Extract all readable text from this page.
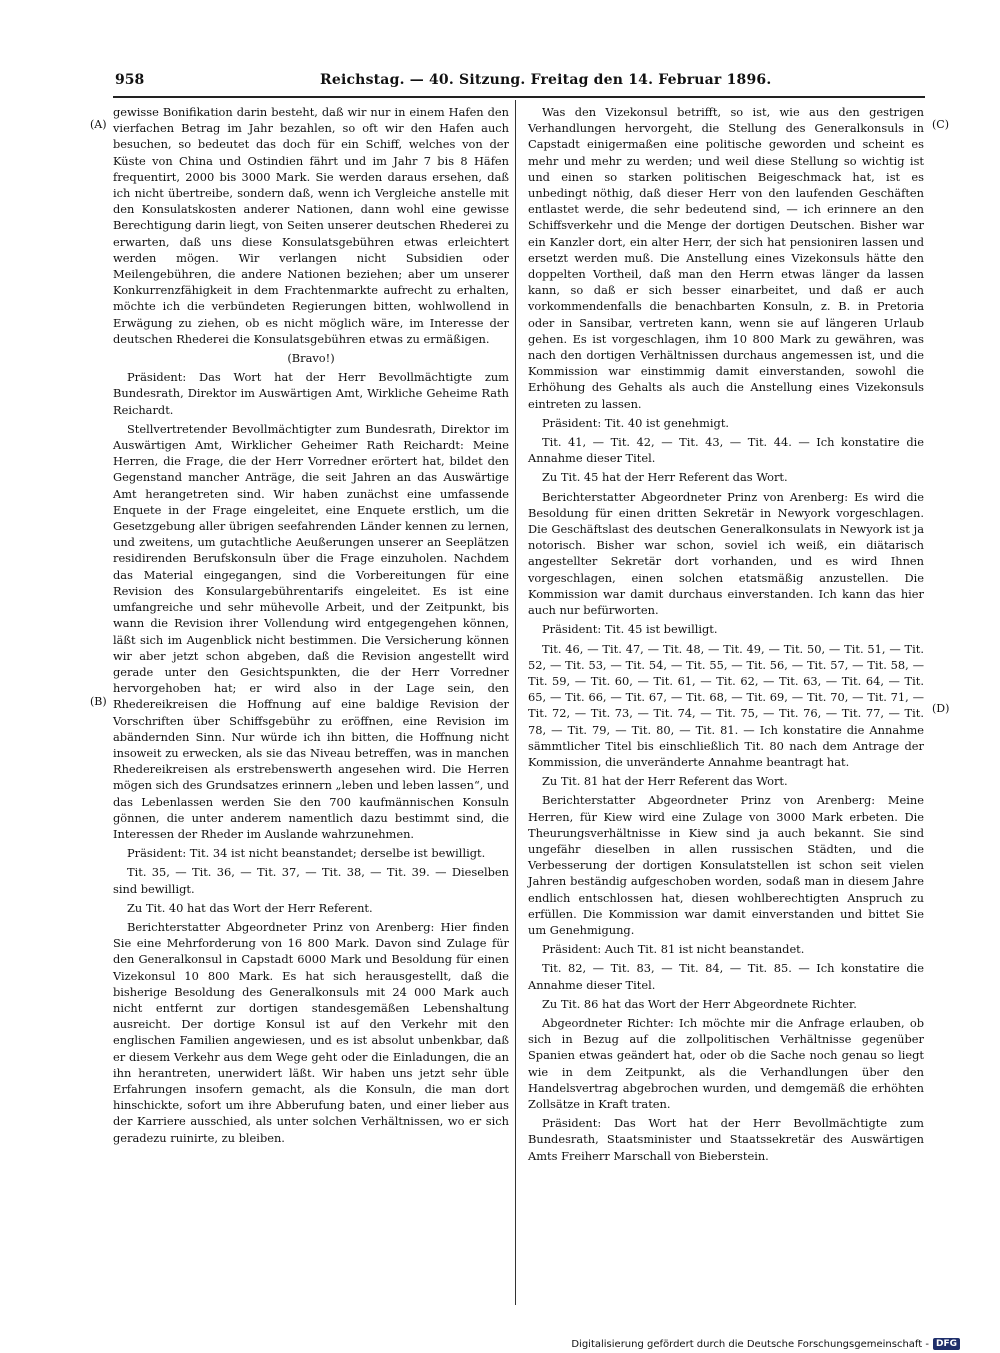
958	Reichstag. — 40. Sitzung. Freitag den 14. Februar 1896.
(A)
(B)
(C)
(D)

gewisse Bonifikation darin besteht, daß wir nur in einem Hafen den vierfachen Betrag im Jahr bezahlen, so oft wir den Hafen auch besuchen, so bedeutet das doch für ein Schiff, welches von der Küste von China und Ostindien fährt und im Jahr 7 bis 8 Häfen frequentirt, 2000 bis 3000 Mark. Sie werden daraus ersehen, daß ich nicht übertreibe, sondern daß, wenn ich Vergleiche anstelle mit den Konsulatskosten anderer Nationen, dann wohl eine gewisse Berechtigung darin liegt, von Seiten unserer deutschen Rhederei zu erwarten, daß uns diese Konsulatsgebühren etwas erleichtert werden mögen. Wir verlangen nicht Subsidien oder Meilengebühren, die andere Nationen beziehen; aber um unserer Konkurrenzfähigkeit in dem Frachtenmarkte aufrecht zu erhalten, möchte ich die verbündeten Regierungen bitten, wohlwollend in Erwägung zu ziehen, ob es nicht möglich wäre, im Interesse der deutschen Rhederei die Konsulatsgebühren etwas zu ermäßigen.

(Bravo!)

Präsident: Das Wort hat der Herr Bevollmächtigte zum Bundesrath, Direktor im Auswärtigen Amt, Wirkliche Geheime Rath Reichardt.

Stellvertretender Bevollmächtigter zum Bundesrath, Direktor im Auswärtigen Amt, Wirklicher Geheimer Rath Reichardt: Meine Herren, die Frage, die der Herr Vorredner erörtert hat, bildet den Gegenstand mancher Anträge, die seit Jahren an das Auswärtige Amt herangetreten sind. Wir haben zunächst eine umfassende Enquete in der Frage eingeleitet, eine Enquete erstlich, um die Gesetzgebung aller übrigen seefahrenden Länder kennen zu lernen, und zweitens, um gutachtliche Aeußerungen unserer an Seeplätzen residirenden Berufskonsuln über die Frage einzuholen. Nachdem das Material eingegangen, sind die Vorbereitungen für eine Revision des Konsulargebührentarifs eingeleitet. Es ist eine umfangreiche und sehr mühevolle Arbeit, und der Zeitpunkt, bis wann die Revision ihrer Vollendung wird entgegengehen können, läßt sich im Augenblick nicht bestimmen. Die Versicherung können wir aber jetzt schon abgeben, daß die Revision angestellt wird gerade unter den Gesichtspunkten, die der Herr Vorredner hervorgehoben hat; er wird also in der Lage sein, den Rhedereikreisen die Hoffnung auf eine baldige Revision der Vorschriften über Schiffsgebühr zu eröffnen, eine Revision im abändernden Sinn. Nur würde ich ihn bitten, die Hoffnung nicht insoweit zu erwecken, als sie das Niveau betreffen, was in manchen Rhedereikreisen als erstrebenswerth angesehen wird. Die Herren mögen sich des Grundsatzes erinnern „leben und leben lassen“, und das Lebenlassen werden Sie den 700 kaufmännischen Konsuln gönnen, die unter anderem namentlich dazu bestimmt sind, die Interessen der Rheder im Auslande wahrzunehmen.

Präsident: Tit. 34 ist nicht beanstandet; derselbe ist bewilligt.

Tit. 35, — Tit. 36, — Tit. 37, — Tit. 38, — Tit. 39. — Dieselben sind bewilligt.

Zu Tit. 40 hat das Wort der Herr Referent.

Berichterstatter Abgeordneter Prinz von Arenberg: Hier finden Sie eine Mehrforderung von 16 800 Mark. Davon sind Zulage für den Generalkonsul in Capstadt 6000 Mark und Besoldung für einen Vizekonsul 10 800 Mark. Es hat sich herausgestellt, daß die bisherige Besoldung des Generalkonsuls mit 24 000 Mark auch nicht entfernt zur dortigen standesgemäßen Lebenshaltung ausreicht. Der dortige Konsul ist auf den Verkehr mit den englischen Familien angewiesen, und es ist absolut unbenkbar, daß er diesem Verkehr aus dem Wege geht oder die Einladungen, die an ihn herantreten, unerwidert läßt. Wir haben uns jetzt sehr üble Erfahrungen insofern gemacht, als die Konsuln, die man dort hinschickte, sofort um ihre Abberufung baten, und einer lieber aus der Karriere ausschied, als unter solchen Verhältnissen, wo er sich geradezu ruinirte, zu bleiben.

Was den Vizekonsul betrifft, so ist, wie aus den gestrigen Verhandlungen hervorgeht, die Stellung des Generalkonsuls in Capstadt einigermaßen eine politische geworden und scheint es mehr und mehr zu werden; und weil diese Stellung so wichtig ist und einen so starken politischen Beigeschmack hat, ist es unbedingt nöthig, daß dieser Herr von den laufenden Geschäften entlastet werde, die sehr bedeutend sind, — ich erinnere an den Schiffsverkehr und die Menge der dortigen Deutschen. Bisher war ein Kanzler dort, ein alter Herr, der sich hat pensioniren lassen und ersetzt werden muß. Die Anstellung eines Vizekonsuls hätte den doppelten Vortheil, daß man den Herrn etwas länger da lassen kann, so daß er sich besser einarbeitet, und daß er auch vorkommendenfalls die benachbarten Konsuln, z. B. in Pretoria oder in Sansibar, vertreten kann, wenn sie auf längeren Urlaub gehen. Es ist vorgeschlagen, ihm 10 800 Mark zu gewähren, was nach den dortigen Verhältnissen durchaus angemessen ist, und die Kommission war einstimmig damit einverstanden, sowohl die Erhöhung des Gehalts als auch die Anstellung eines Vizekonsuls eintreten zu lassen.

Präsident: Tit. 40 ist genehmigt.

Tit. 41, — Tit. 42, — Tit. 43, — Tit. 44. — Ich konstatire die Annahme dieser Titel.

Zu Tit. 45 hat der Herr Referent das Wort.

Berichterstatter Abgeordneter Prinz von Arenberg: Es wird die Besoldung für einen dritten Sekretär in Newyork vorgeschlagen. Die Geschäftslast des deutschen Generalkonsulats in Newyork ist ja notorisch. Bisher war schon, soviel ich weiß, ein diätarisch angestellter Sekretär dort vorhanden, und es wird Ihnen vorgeschlagen, einen solchen etatsmäßig anzustellen. Die Kommission war damit durchaus einverstanden. Ich kann das hier auch nur befürworten.

Präsident: Tit. 45 ist bewilligt.

Tit. 46, — Tit. 47, — Tit. 48, — Tit. 49, — Tit. 50, — Tit. 51, — Tit. 52, — Tit. 53, — Tit. 54, — Tit. 55, — Tit. 56, — Tit. 57, — Tit. 58, — Tit. 59, — Tit. 60, — Tit. 61, — Tit. 62, — Tit. 63, — Tit. 64, — Tit. 65, — Tit. 66, — Tit. 67, — Tit. 68, — Tit. 69, — Tit. 70, — Tit. 71, — Tit. 72, — Tit. 73, — Tit. 74, — Tit. 75, — Tit. 76, — Tit. 77, — Tit. 78, — Tit. 79, — Tit. 80, — Tit. 81. — Ich konstatire die Annahme sämmtlicher Titel bis einschließlich Tit. 80 nach dem Antrage der Kommission, die unveränderte Annahme beantragt hat.

Zu Tit. 81 hat der Herr Referent das Wort.

Berichterstatter Abgeordneter Prinz von Arenberg: Meine Herren, für Kiew wird eine Zulage von 3000 Mark erbeten. Die Theurungsverhältnisse in Kiew sind ja auch bekannt. Sie sind ungefähr dieselben in allen russischen Städten, und die Verbesserung der dortigen Konsulatstellen ist schon seit vielen Jahren beständig aufgeschoben worden, sodaß man in diesem Jahre endlich entschlossen hat, diesen wohlberechtigten Anspruch zu erfüllen. Die Kommission war damit einverstanden und bittet Sie um Genehmigung.

Präsident: Auch Tit. 81 ist nicht beanstandet.

Tit. 82, — Tit. 83, — Tit. 84, — Tit. 85. — Ich konstatire die Annahme dieser Titel.

Zu Tit. 86 hat das Wort der Herr Abgeordnete Richter.

Abgeordneter Richter: Ich möchte mir die Anfrage erlauben, ob sich in Bezug auf die zollpolitischen Verhältnisse gegenüber Spanien etwas geändert hat, oder ob die Sache noch genau so liegt wie in dem Zeitpunkt, als die Verhandlungen über den Handelsvertrag abgebrochen wurden, und demgemäß die erhöhten Zollsätze in Kraft traten.

Präsident: Das Wort hat der Herr Bevollmächtigte zum Bundesrath, Staatsminister und Staatssekretär des Auswärtigen Amts Freiherr Marschall von Bieberstein.

Digitalisierung gefördert durch die Deutsche Forschungsgemeinschaft - DFG
